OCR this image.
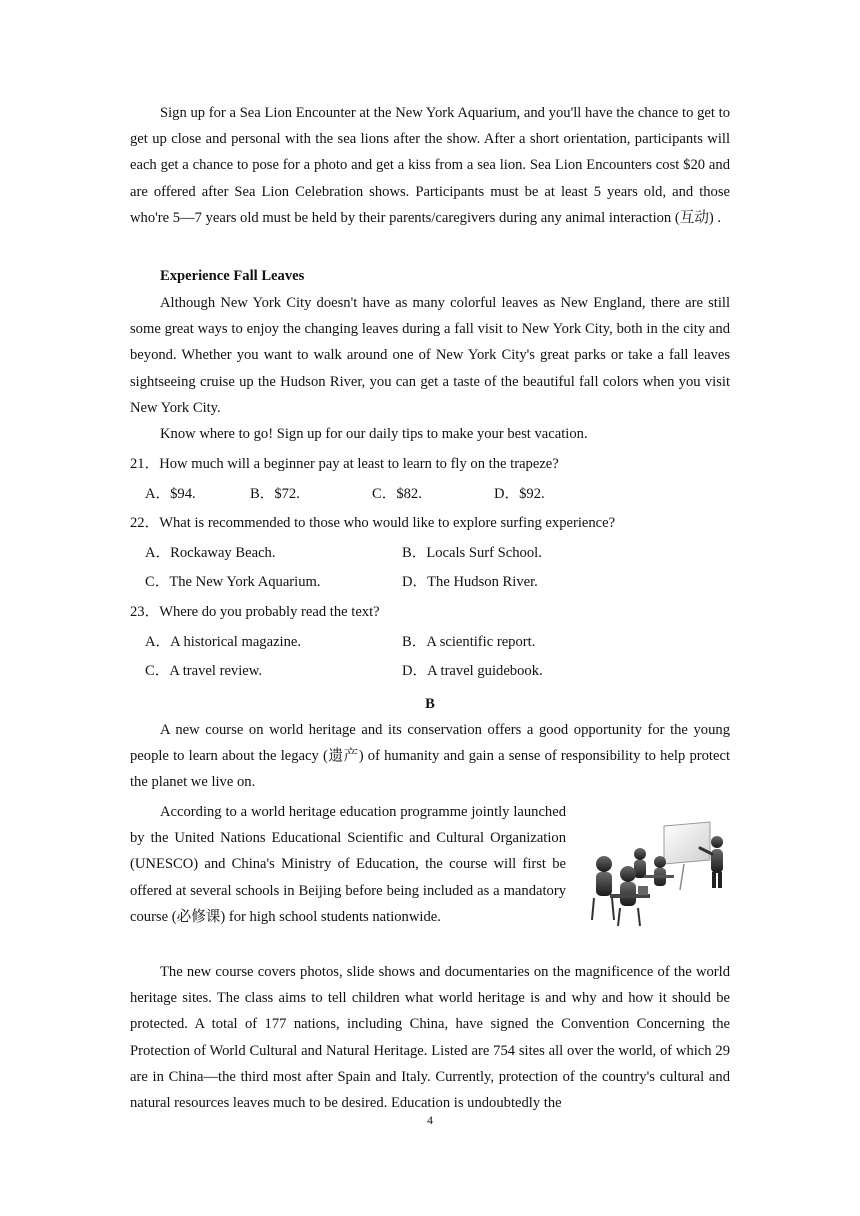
Sign up for a Sea Lion Encounter at the New York Aquarium, and you'll have the chance to get to get up close and personal with the sea lions after the show. After a short orientation, participants will each get a chance to pose for a photo and get a kiss from a sea lion. Sea Lion Encounters cost $20 and are offered after Sea Lion Celebration shows. Participants must be at least 5 years old, and those who're 5—7 years old must be held by their parents/caregivers during any animal interaction (互动) .

Experience Fall Leaves

Although New York City doesn't have as many colorful leaves as New England, there are still some great ways to enjoy the changing leaves during a fall visit to New York City, both in the city and beyond. Whether you want to walk around one of New York City's great parks or take a fall leaves sightseeing cruise up the Hudson River, you can get a taste of the beautiful fall colors when you visit New York City.

Know where to go! Sign up for our daily tips to make your best vacation.

21．How much will a beginner pay at least to learn to fly on the trapeze?

A．$94.	B．$72.	C．$82.	D．$92.

22．What is recommended to those who would like to explore surfing experience?

A．Rockaway Beach.	B．Locals Surf School.

C．The New York Aquarium.	D．The Hudson River.

23．Where do you probably read the text?

A．A historical magazine.	B．A scientific report.

C．A travel review.	D．A travel guidebook.

B

A new course on world heritage and its conservation offers a good opportunity for the young people to learn about the legacy (遗产) of humanity and gain a sense of responsibility to help protect the planet we live on.

According to a world heritage education programme jointly launched by the United Nations Educational Scientific and Cultural Organization (UNESCO) and China's Ministry of Education, the course will first be offered at several schools in Beijing before being included as a mandatory course (必修课) for high school students nationwide.

The new course covers photos, slide shows and documentaries on the magnificence of the world heritage sites. The class aims to tell children what world heritage is and why and how it should be protected. A total of 177 nations, including China, have signed the Convention Concerning the Protection of World Cultural and Natural Heritage. Listed are 754 sites all over the world, of which 29 are in China—the third most after Spain and Italy. Currently, protection of the country's cultural and natural resources leaves much to be desired. Education is undoubtedly the

4
